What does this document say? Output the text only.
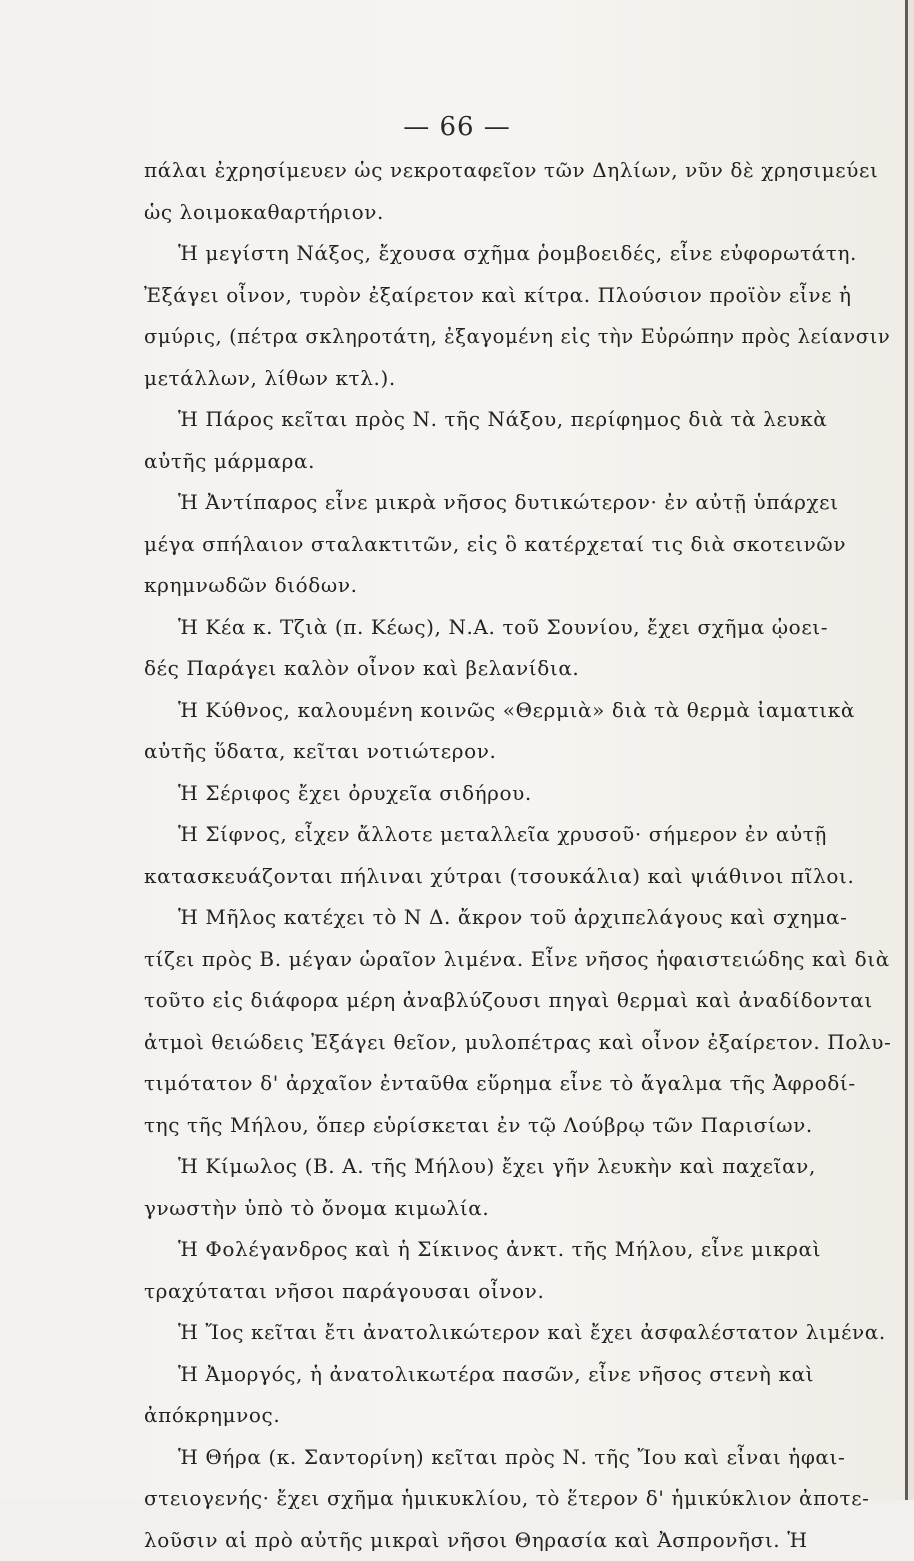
— 66 —
πάλαι ἐχρησίμευεν ὡς νεκροταφεῖον τῶν Δηλίων, νῦν δὲ χρησιμεύει
ὡς λοιμοκαθαρτήριον.
Ἡ μεγίστη Νάξος, ἔχουσα σχῆμα ῥομβοειδές, εἶνε εὐφορωτάτη.
Ἐξάγει οἶνον, τυρὸν ἐξαίρετον καὶ κίτρα. Πλούσιον προϊὸν εἶνε ἡ
σμύρις, (πέτρα σκληροτάτη, ἐξαγομένη εἰς τὴν Εὐρώπην πρὸς λείανσιν
μετάλλων, λίθων κτλ.).
Ἡ Πάρος κεῖται πρὸς Ν. τῆς Νάξου, περίφημος διὰ τὰ λευκὰ
αὐτῆς μάρμαρα.
Ἡ Ἀντίπαρος εἶνε μικρὰ νῆσος δυτικώτερον· ἐν αὐτῇ ὑπάρχει
μέγα σπήλαιον σταλακτιτῶν, εἰς ὃ κατέρχεταί τις διὰ σκοτεινῶν
κρημνωδῶν διόδων.
Ἡ Κέα κ. Τζιὰ (π. Κέως), Ν.Α. τοῦ Σουνίου, ἔχει σχῆμα ᾠοει-
δές Παράγει καλὸν οἶνον καὶ βελανίδια.
Ἡ Κύθνος, καλουμένη κοινῶς «Θερμιὰ» διὰ τὰ θερμὰ ἰαματικὰ
αὐτῆς ὕδατα, κεῖται νοτιώτερον.
Ἡ Σέριφος ἔχει ὀρυχεῖα σιδήρου.
Ἡ Σίφνος, εἶχεν ἄλλοτε μεταλλεῖα χρυσοῦ· σήμερον ἐν αὐτῇ
κατασκευάζονται πήλιναι χύτραι (τσουκάλια) καὶ ψιάθινοι πῖλοι.
Ἡ Μῆλος κατέχει τὸ Ν Δ. ἄκρον τοῦ ἀρχιπελάγους καὶ σχημα-
τίζει πρὸς Β. μέγαν ὡραῖον λιμένα. Εἶνε νῆσος ἡφαιστειώδης καὶ διὰ
τοῦτο εἰς διάφορα μέρη ἀναβλύζουσι πηγαὶ θερμαὶ καὶ ἀναδίδονται
ἀτμοὶ θειώδεις Ἐξάγει θεῖον, μυλοπέτρας καὶ οἶνον ἐξαίρετον. Πολυ-
τιμότατον δ' ἀρχαῖον ἐνταῦθα εὕρημα εἶνε τὸ ἄγαλμα τῆς Ἀφροδί-
της τῆς Μήλου, ὅπερ εὑρίσκεται ἐν τῷ Λούβρῳ τῶν Παρισίων.
Ἡ Κίμωλος (Β. Α. τῆς Μήλου) ἔχει γῆν λευκὴν καὶ παχεῖαν,
γνωστὴν ὑπὸ τὸ ὄνομα κιμωλία.
Ἡ Φολέγανδρος καὶ ἡ Σίκινος ἀνκτ. τῆς Μήλου, εἶνε μικραὶ
τραχύταται νῆσοι παράγουσαι οἶνον.
Ἡ Ἴος κεῖται ἔτι ἀνατολικώτερον καὶ ἔχει ἀσφαλέστατον λιμένα.
Ἡ Ἀμοργός, ἡ ἀνατολικωτέρα πασῶν, εἶνε νῆσος στενὴ καὶ
ἀπόκρημνος.
Ἡ Θήρα (κ. Σαντορίνη) κεῖται πρὸς Ν. τῆς Ἴου καὶ εἶναι ἡφαι-
στειογενής· ἔχει σχῆμα ἡμικυκλίου, τὸ ἕτερον δ' ἡμικύκλιον ἀποτε-
λοῦσιν αἱ πρὸ αὐτῆς μικραὶ νῆσοι Θηρασία καὶ Ἀσπρονῆσι. Ἡ
